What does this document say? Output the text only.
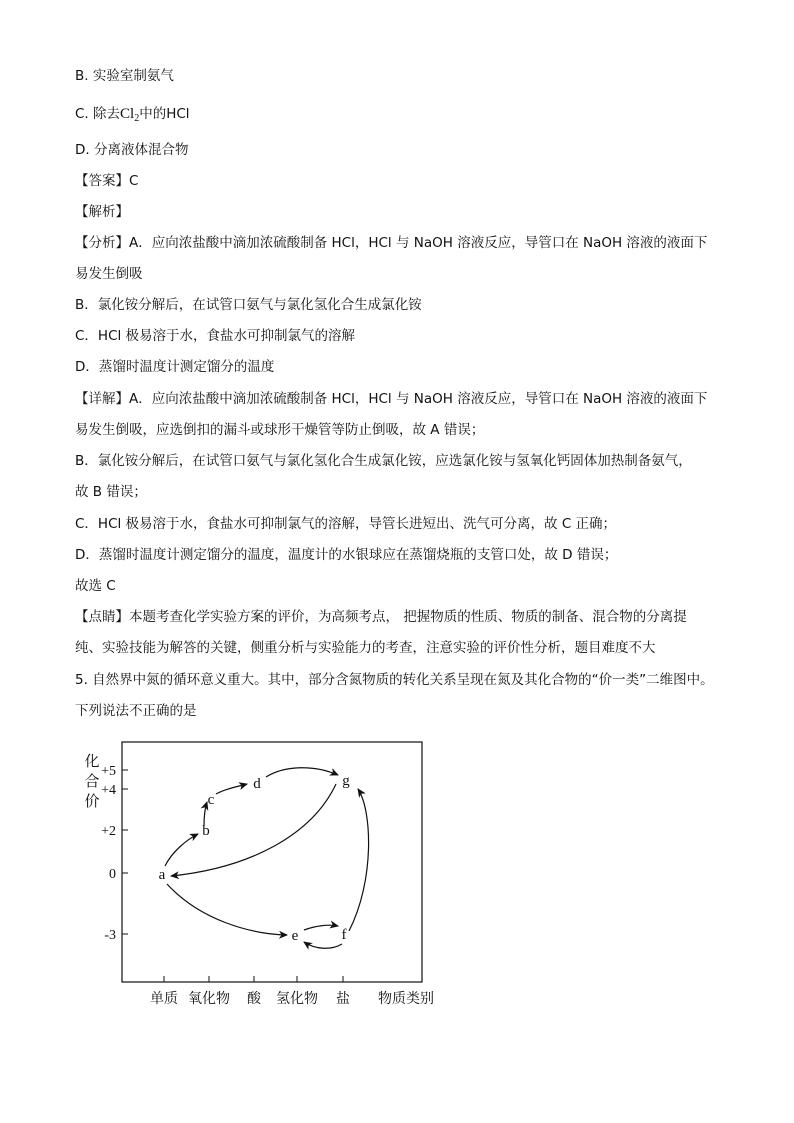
B. 实验室制氨气
C. 除去$Cl_2$中的HCl
D. 分离液体混合物
【答案】C
【解析】
【分析】A．应向浓盐酸中滴加浓硫酸制备 HCl，HCl 与 NaOH 溶液反应，导管口在 NaOH 溶液的液面下
易发生倒吸
B．氯化铵分解后，在试管口氨气与氯化氢化合生成氯化铵
C．HCl 极易溶于水，食盐水可抑制氯气的溶解
D．蒸馏时温度计测定馏分的温度
【详解】A．应向浓盐酸中滴加浓硫酸制备 HCl，HCl 与 NaOH 溶液反应，导管口在 NaOH 溶液的液面下
易发生倒吸，应选倒扣的漏斗或球形干燥管等防止倒吸，故 A 错误；
B．氯化铵分解后，在试管口氨气与氯化氢化合生成氯化铵，应选氯化铵与氢氧化钙固体加热制备氨气，
故 B 错误；
C．HCl 极易溶于水，食盐水可抑制氯气的溶解，导管长进短出、洗气可分离，故 C 正确；
D．蒸馏时温度计测定馏分的温度，温度计的水银球应在蒸馏烧瓶的支管口处，故 D 错误；
故选 C
【点睛】本题考查化学实验方案的评价，为高频考点， 把握物质的性质、物质的制备、混合物的分离提
纯、实验技能为解答的关键，侧重分析与实验能力的考查，注意实验的评价性分析，题目难度不大
5. 自然界中氮的循环意义重大。其中，部分含氮物质的转化关系呈现在氮及其化合物的“价一类”二维图中。
下列说法不正确的是
+5
+4
+2
0
-3
化
合
价
单质 氧化物 酸 氢化物 盐 物质类别
a
b
c
d	g
e	f
